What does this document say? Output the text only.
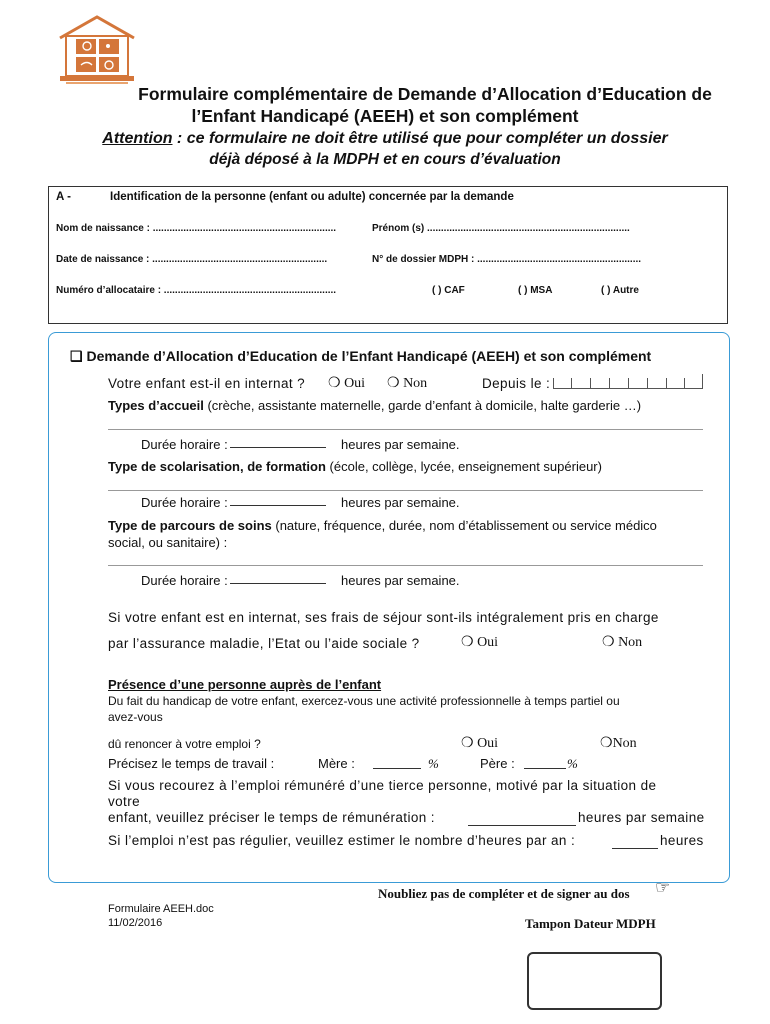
Formulaire complémentaire de Demande d’Allocation d’Education de
l’Enfant Handicapé (AEEH) et son complément
Attention : ce formulaire ne doit être utilisé que pour compléter un dossier
déjà déposé à la MDPH et en cours d’évaluation
A -	Identification de la personne (enfant ou adulte) concernée par la demande
Nom de naissance : ..................................................................	Prénom (s) .........................................................................
Date de naissance : ...............................................................	N° de dossier MDPH : ...........................................................
Numéro d’allocataire : ..............................................................	( ) CAF	( ) MSA	( ) Autre
❑ Demande d’Allocation d’Education de l’Enfant Handicapé (AEEH) et son complément
Votre enfant est-il en internat ? ❍ Oui ❍ Non	Depuis le :
Types d’accueil (crèche, assistante maternelle, garde d’enfant à domicile, halte garderie …)
Durée horaire :	heures par semaine.
Type de scolarisation, de formation (école, collège, lycée, enseignement supérieur)
Durée horaire :	heures par semaine.
Type de parcours de soins (nature, fréquence, durée, nom d’établissement ou service médico
social, ou sanitaire) :
Durée horaire :	heures par semaine.
Si votre enfant est en internat, ses frais de séjour sont-ils intégralement pris en charge
par l’assurance maladie, l’Etat ou l’aide sociale ?	❍ Oui	❍ Non
Présence d’une personne auprès de l’enfant
Du fait du handicap de votre enfant, exercez-vous une activité professionnelle à temps partiel ou
avez-vous
dû renoncer à votre emploi ?	❍ Oui	❍Non
Précisez le temps de travail :	Mère :	%	Père :	%
Si vous recourez à l’emploi rémunéré d’une tierce personne, motivé par la situation de
votre
enfant, veuillez préciser le temps de rémunération :	heures par semaine
Si l’emploi n’est pas régulier, veuillez estimer le nombre d’heures par an :	heures
Noubliez pas de compléter et de signer au dos ☞
Formulaire AEEH.doc
11/02/2016	Tampon Dateur MDPH
